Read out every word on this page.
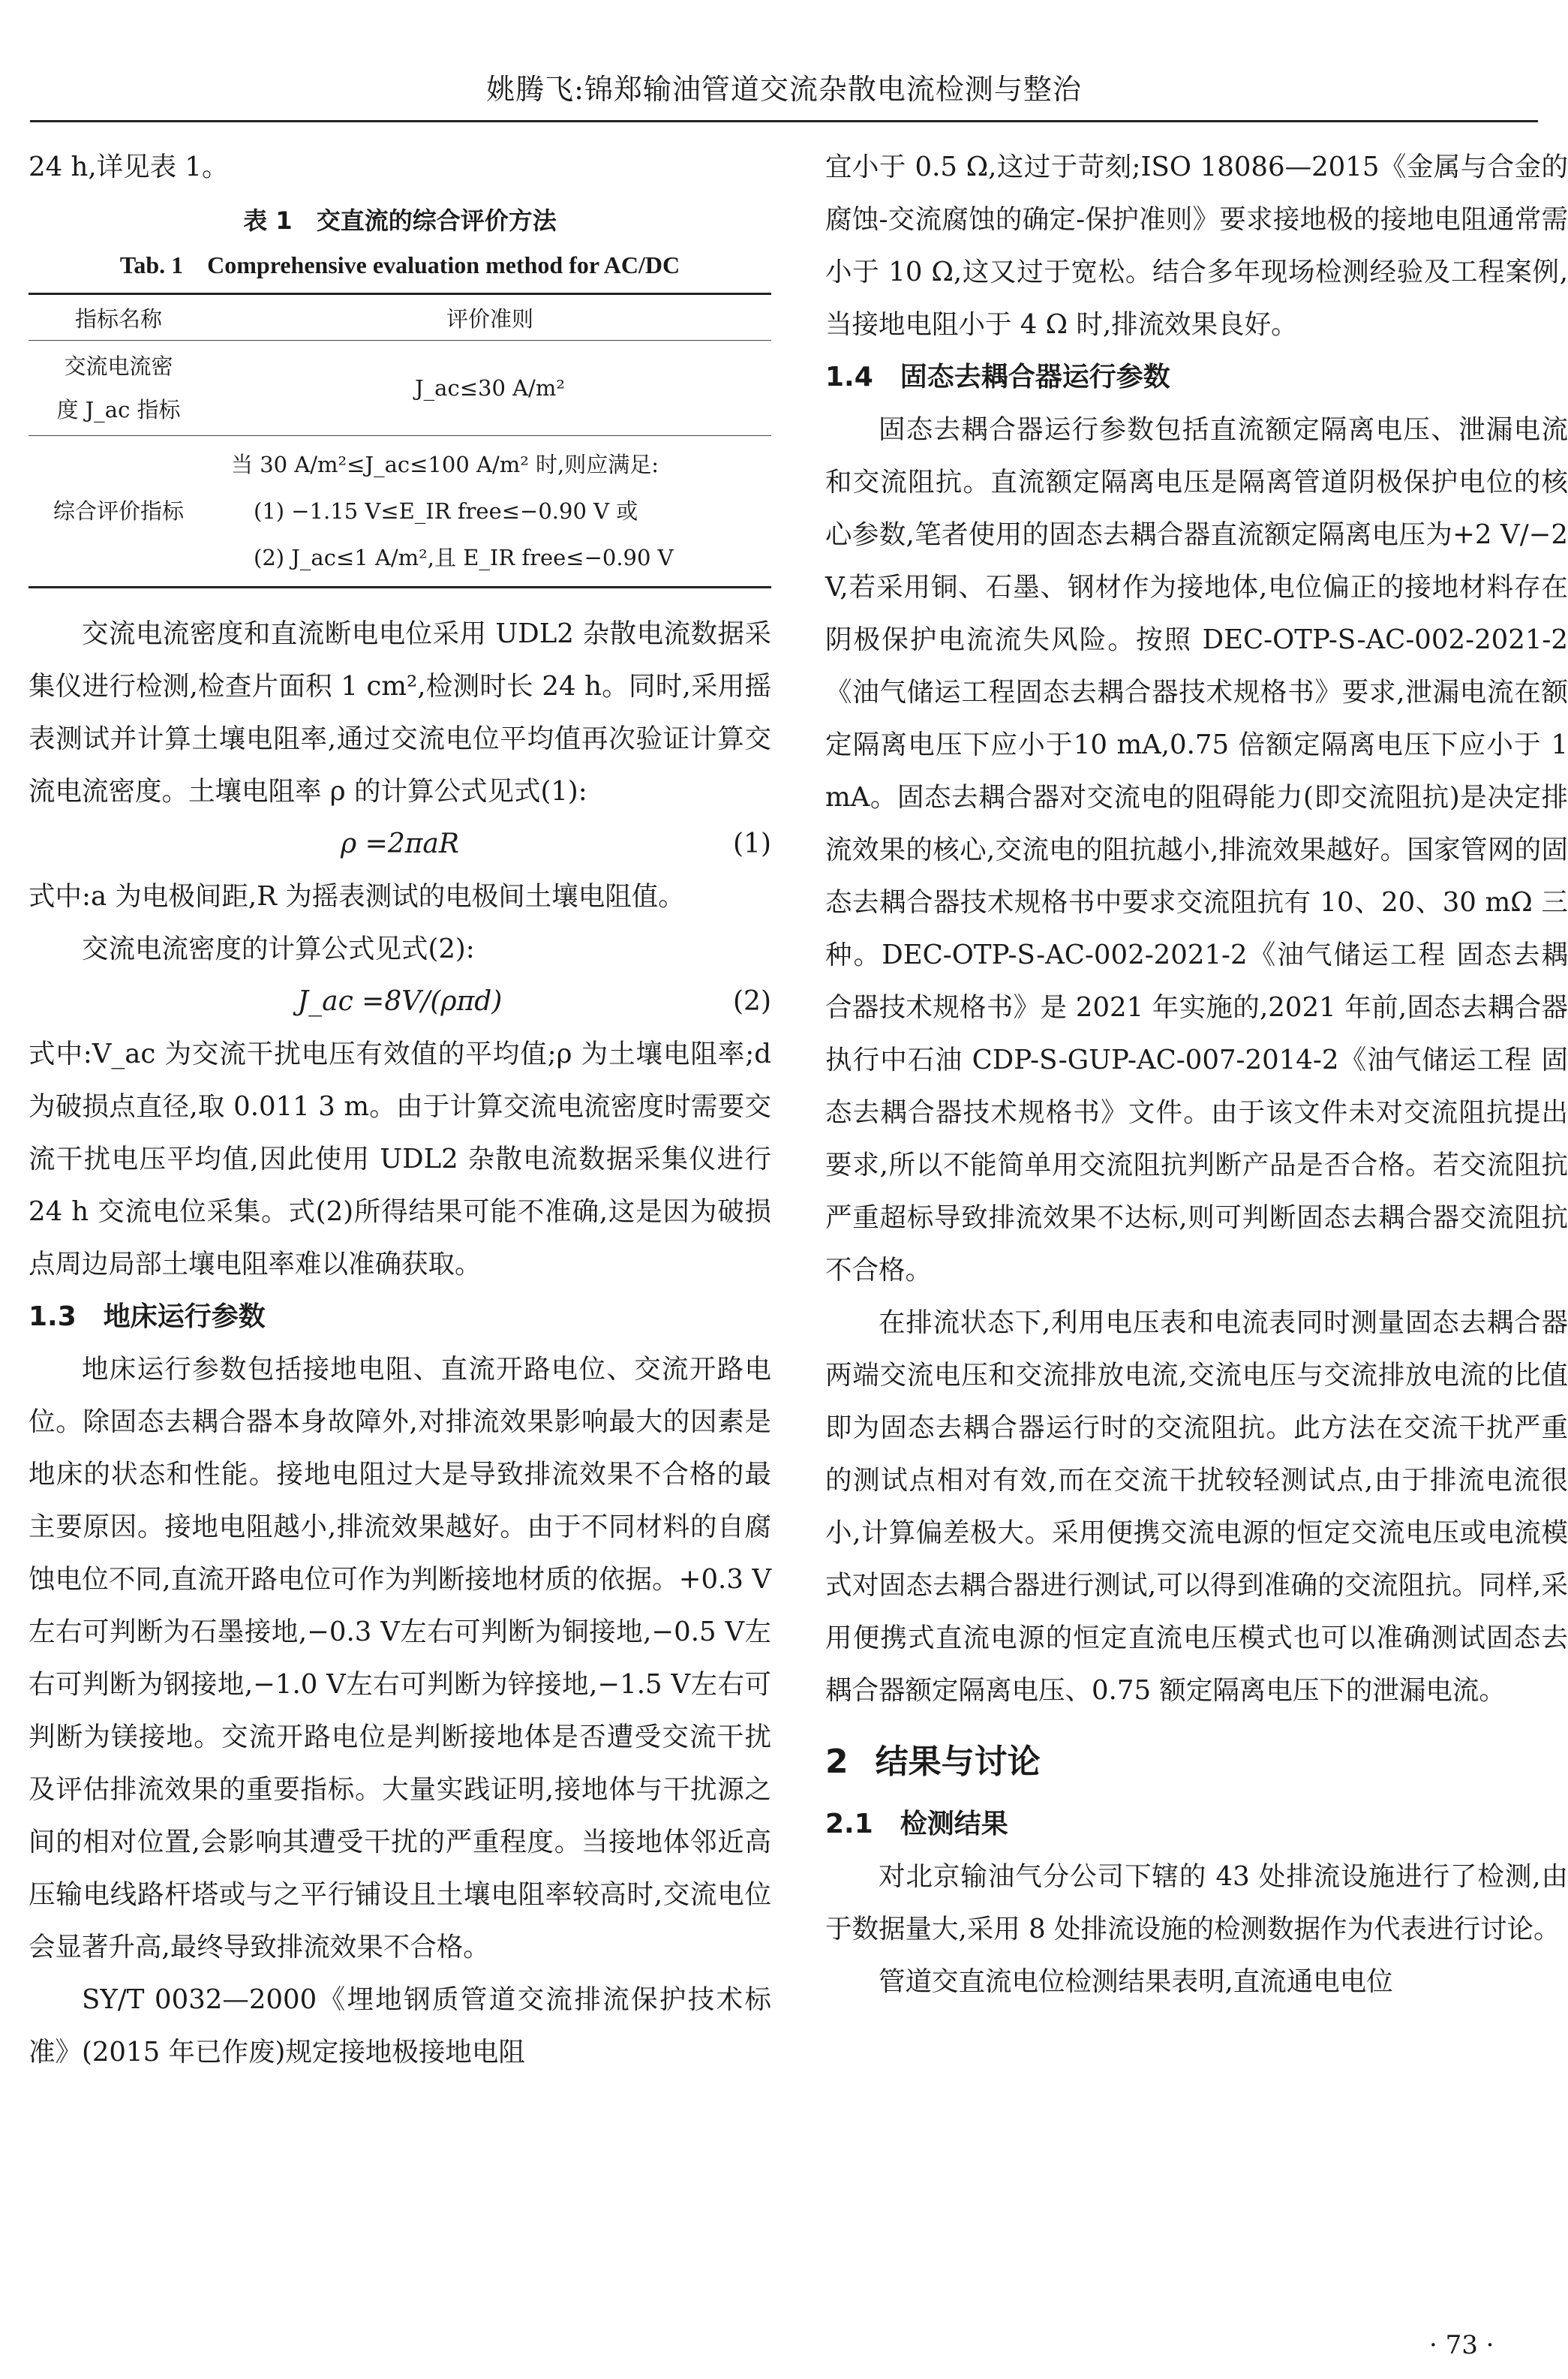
姚腾飞:锦郑输油管道交流杂散电流检测与整治

24 h,详见表 1。

表 1　交直流的综合评价方法
Tab. 1　Comprehensive evaluation method for AC/DC
指标名称	评价准则

交流电流密
度 J_ac 指标	J_ac≤30 A/m²
综合评价指标	当 30 A/m²≤J_ac≤100 A/m² 时,则应满足:
(1) −1.15 V≤E_IR free≤−0.90 V 或
(2) J_ac≤1 A/m²,且 E_IR free≤−0.90 V

交流电流密度和直流断电电位采用 UDL2 杂散电流数据采集仪进行检测,检查片面积 1 cm²,检测时长 24 h。同时,采用摇表测试并计算土壤电阻率,通过交流电位平均值再次验证计算交流电流密度。土壤电阻率 ρ 的计算公式见式(1):

ρ =2πaR	(1)

式中:a 为电极间距,R 为摇表测试的电极间土壤电阻值。

交流电流密度的计算公式见式(2):

J_ac =8V/(ρπd)	(2)

式中:V_ac 为交流干扰电压有效值的平均值;ρ 为土壤电阻率;d 为破损点直径,取 0.011 3 m。由于计算交流电流密度时需要交流干扰电压平均值,因此使用 UDL2 杂散电流数据采集仪进行 24 h 交流电位采集。式(2)所得结果可能不准确,这是因为破损点周边局部土壤电阻率难以准确获取。

1.3 地床运行参数

地床运行参数包括接地电阻、直流开路电位、交流开路电位。除固态去耦合器本身故障外,对排流效果影响最大的因素是地床的状态和性能。接地电阻过大是导致排流效果不合格的最主要原因。接地电阻越小,排流效果越好。由于不同材料的自腐蚀电位不同,直流开路电位可作为判断接地材质的依据。+0.3 V左右可判断为石墨接地,−0.3 V左右可判断为铜接地,−0.5 V左右可判断为钢接地,−1.0 V左右可判断为锌接地,−1.5 V左右可判断为镁接地。交流开路电位是判断接地体是否遭受交流干扰及评估排流效果的重要指标。大量实践证明,接地体与干扰源之间的相对位置,会影响其遭受干扰的严重程度。当接地体邻近高压输电线路杆塔或与之平行铺设且土壤电阻率较高时,交流电位会显著升高,最终导致排流效果不合格。

SY/T 0032—2000《埋地钢质管道交流排流保护技术标准》(2015 年已作废)规定接地极接地电阻

宜小于 0.5 Ω,这过于苛刻;ISO 18086—2015《金属与合金的腐蚀-交流腐蚀的确定-保护准则》要求接地极的接地电阻通常需小于 10 Ω,这又过于宽松。结合多年现场检测经验及工程案例,当接地电阻小于 4 Ω 时,排流效果良好。

1.4 固态去耦合器运行参数

固态去耦合器运行参数包括直流额定隔离电压、泄漏电流和交流阻抗。直流额定隔离电压是隔离管道阴极保护电位的核心参数,笔者使用的固态去耦合器直流额定隔离电压为+2 V/−2 V,若采用铜、石墨、钢材作为接地体,电位偏正的接地材料存在阴极保护电流流失风险。按照 DEC-OTP-S-AC-002-2021-2《油气储运工程固态去耦合器技术规格书》要求,泄漏电流在额定隔离电压下应小于10 mA,0.75 倍额定隔离电压下应小于 1 mA。固态去耦合器对交流电的阻碍能力(即交流阻抗)是决定排流效果的核心,交流电的阻抗越小,排流效果越好。国家管网的固态去耦合器技术规格书中要求交流阻抗有 10、20、30 mΩ 三种。DEC-OTP-S-AC-002-2021-2《油气储运工程 固态去耦合器技术规格书》是 2021 年实施的,2021 年前,固态去耦合器执行中石油 CDP-S-GUP-AC-007-2014-2《油气储运工程 固态去耦合器技术规格书》文件。由于该文件未对交流阻抗提出要求,所以不能简单用交流阻抗判断产品是否合格。若交流阻抗严重超标导致排流效果不达标,则可判断固态去耦合器交流阻抗不合格。

在排流状态下,利用电压表和电流表同时测量固态去耦合器两端交流电压和交流排放电流,交流电压与交流排放电流的比值即为固态去耦合器运行时的交流阻抗。此方法在交流干扰严重的测试点相对有效,而在交流干扰较轻测试点,由于排流电流很小,计算偏差极大。采用便携交流电源的恒定交流电压或电流模式对固态去耦合器进行测试,可以得到准确的交流阻抗。同样,采用便携式直流电源的恒定直流电压模式也可以准确测试固态去耦合器额定隔离电压、0.75 额定隔离电压下的泄漏电流。

2 结果与讨论
2.1 检测结果

对北京输油气分公司下辖的 43 处排流设施进行了检测,由于数据量大,采用 8 处排流设施的检测数据作为代表进行讨论。

管道交直流电位检测结果表明,直流通电电位

· 73 ·
